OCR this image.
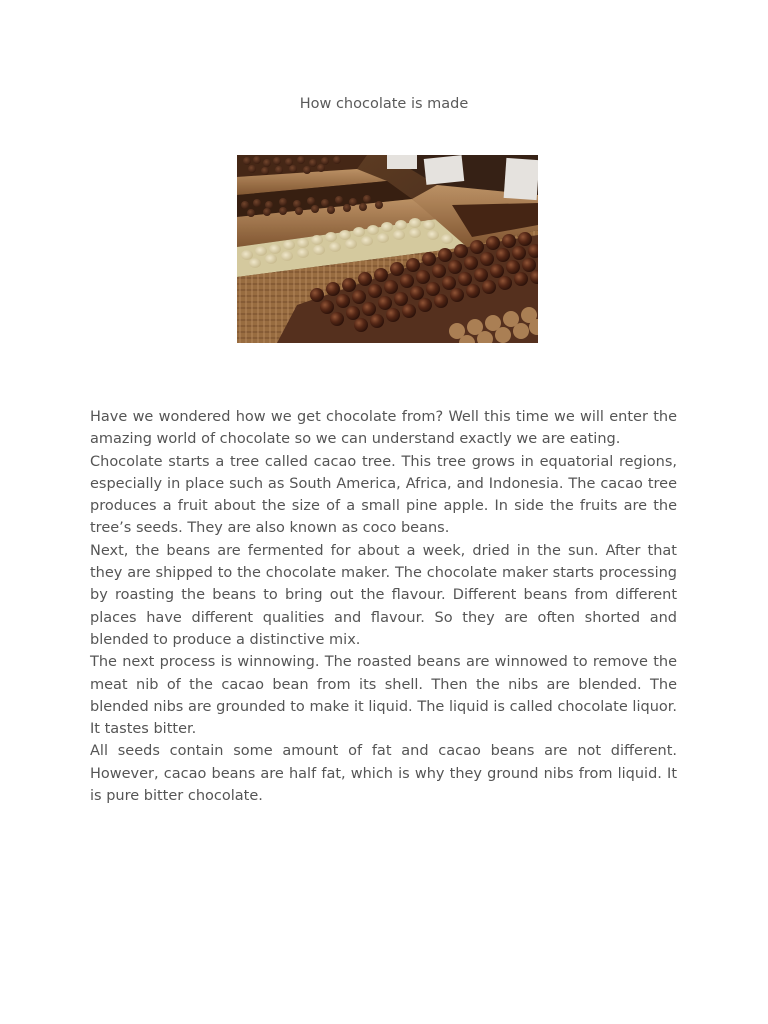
How chocolate is made

Have we wondered how we get chocolate from? Well this time we will enter the amazing world of chocolate so we can understand exactly we are eating.

Chocolate starts a tree called cacao tree. This tree grows in equatorial regions, especially in place such as South America, Africa, and Indonesia. The cacao tree produces a fruit about the size of a small pine apple. In side the fruits are the tree’s seeds. They are also known as coco beans.

Next, the beans are fermented for about a week, dried in the sun. After that they are shipped to the chocolate maker. The chocolate maker starts processing by roasting the beans to bring out the flavour. Different beans from different places have different qualities and flavour. So they are often shorted and blended to produce a distinctive mix.

The next process is winnowing. The roasted beans are winnowed to remove the meat nib of the cacao bean from its shell. Then the nibs are blended. The blended nibs are grounded to make it liquid. The liquid is called chocolate liquor. It tastes bitter.

All seeds contain some amount of fat and cacao beans are not different. However, cacao beans are half fat, which is why they ground nibs from liquid. It is pure bitter chocolate.
